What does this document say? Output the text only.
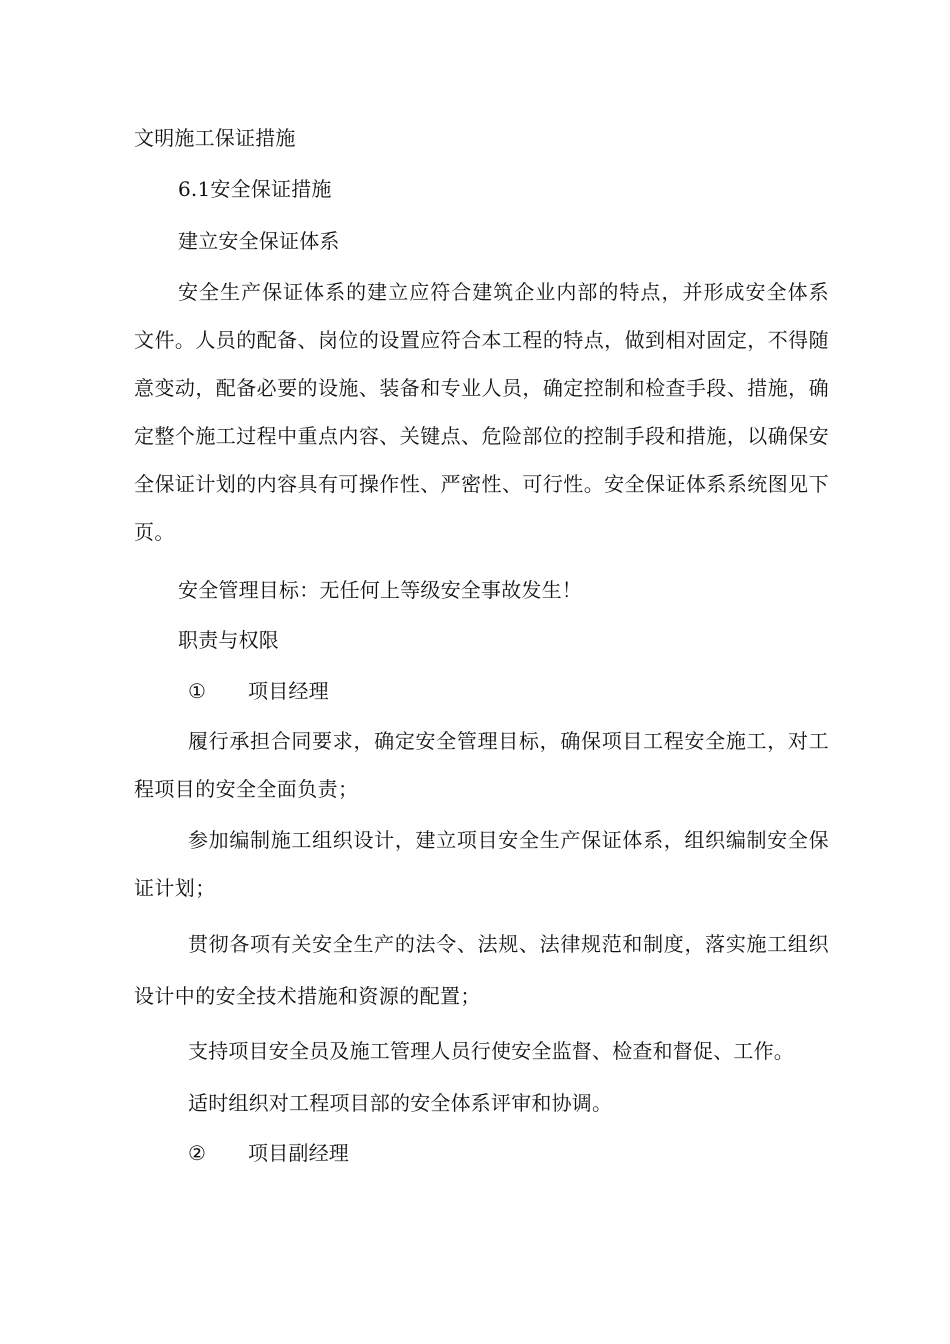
文明施工保证措施
6.1安全保证措施
建立安全保证体系
安全生产保证体系的建立应符合建筑企业内部的特点，并形成安全体系文件。人员的配备、岗位的设置应符合本工程的特点，做到相对固定，不得随意变动，配备必要的设施、装备和专业人员，确定控制和检查手段、措施，确定整个施工过程中重点内容、关键点、危险部位的控制手段和措施，以确保安全保证计划的内容具有可操作性、严密性、可行性。安全保证体系系统图见下页。
安全管理目标：无任何上等级安全事故发生！
职责与权限
① 项目经理
履行承担合同要求，确定安全管理目标，确保项目工程安全施工，对工程项目的安全全面负责；
参加编制施工组织设计，建立项目安全生产保证体系，组织编制安全保证计划；
贯彻各项有关安全生产的法令、法规、法律规范和制度，落实施工组织设计中的安全技术措施和资源的配置；
支持项目安全员及施工管理人员行使安全监督、检查和督促、工作。
适时组织对工程项目部的安全体系评审和协调。
② 项目副经理
